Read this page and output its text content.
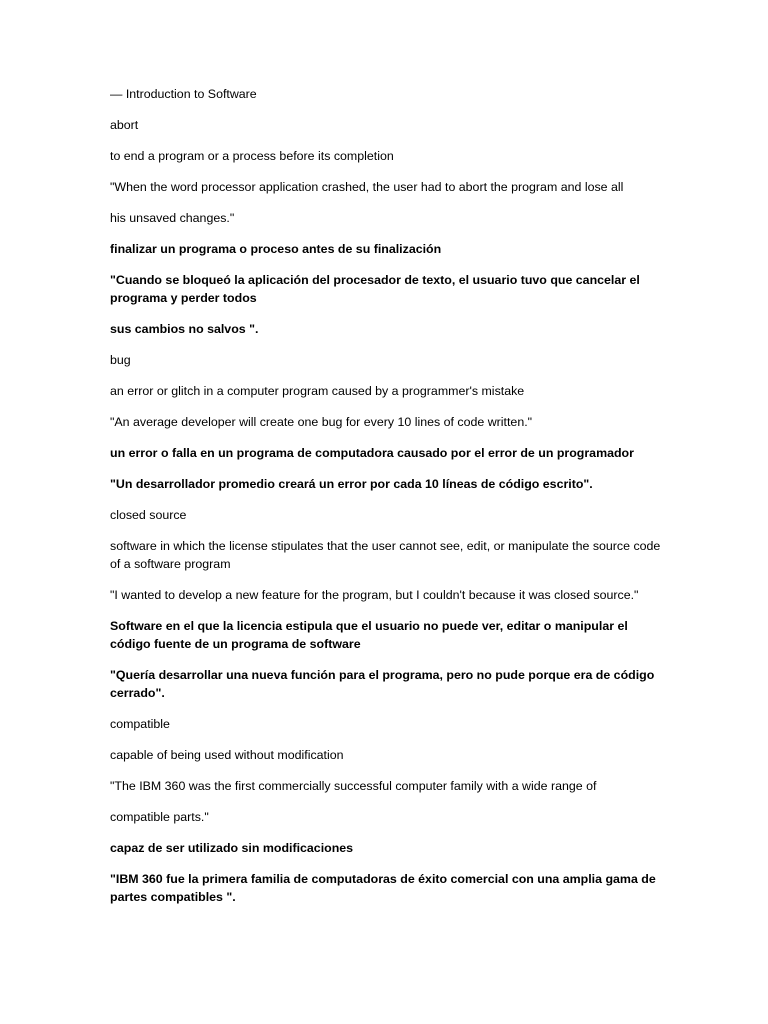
— Introduction to Software

abort

to end a program or a process before its completion

"When the word processor application crashed, the user had to abort the program and lose all

his unsaved changes."

finalizar un programa o proceso antes de su finalización

"Cuando se bloqueó la aplicación del procesador de texto, el usuario tuvo que cancelar el programa y perder todos

sus cambios no salvos ".

bug

an error or glitch in a computer program caused by a programmer's mistake

"An average developer will create one bug for every 10 lines of code written."

un error o falla en un programa de computadora causado por el error de un programador

"Un desarrollador promedio creará un error por cada 10 líneas de código escrito".

closed source

software in which the license stipulates that the user cannot see, edit, or manipulate the source code of a software program

"I wanted to develop a new feature for the program, but I couldn't because it was closed source."

Software en el que la licencia estipula que el usuario no puede ver, editar o manipular el código fuente de un programa de software

"Quería desarrollar una nueva función para el programa, pero no pude porque era de código cerrado".

compatible

capable of being used without modification

"The IBM 360 was the first commercially successful computer family with a wide range of

compatible parts."

capaz de ser utilizado sin modificaciones

"IBM 360 fue la primera familia de computadoras de éxito comercial con una amplia gama de partes compatibles ".
